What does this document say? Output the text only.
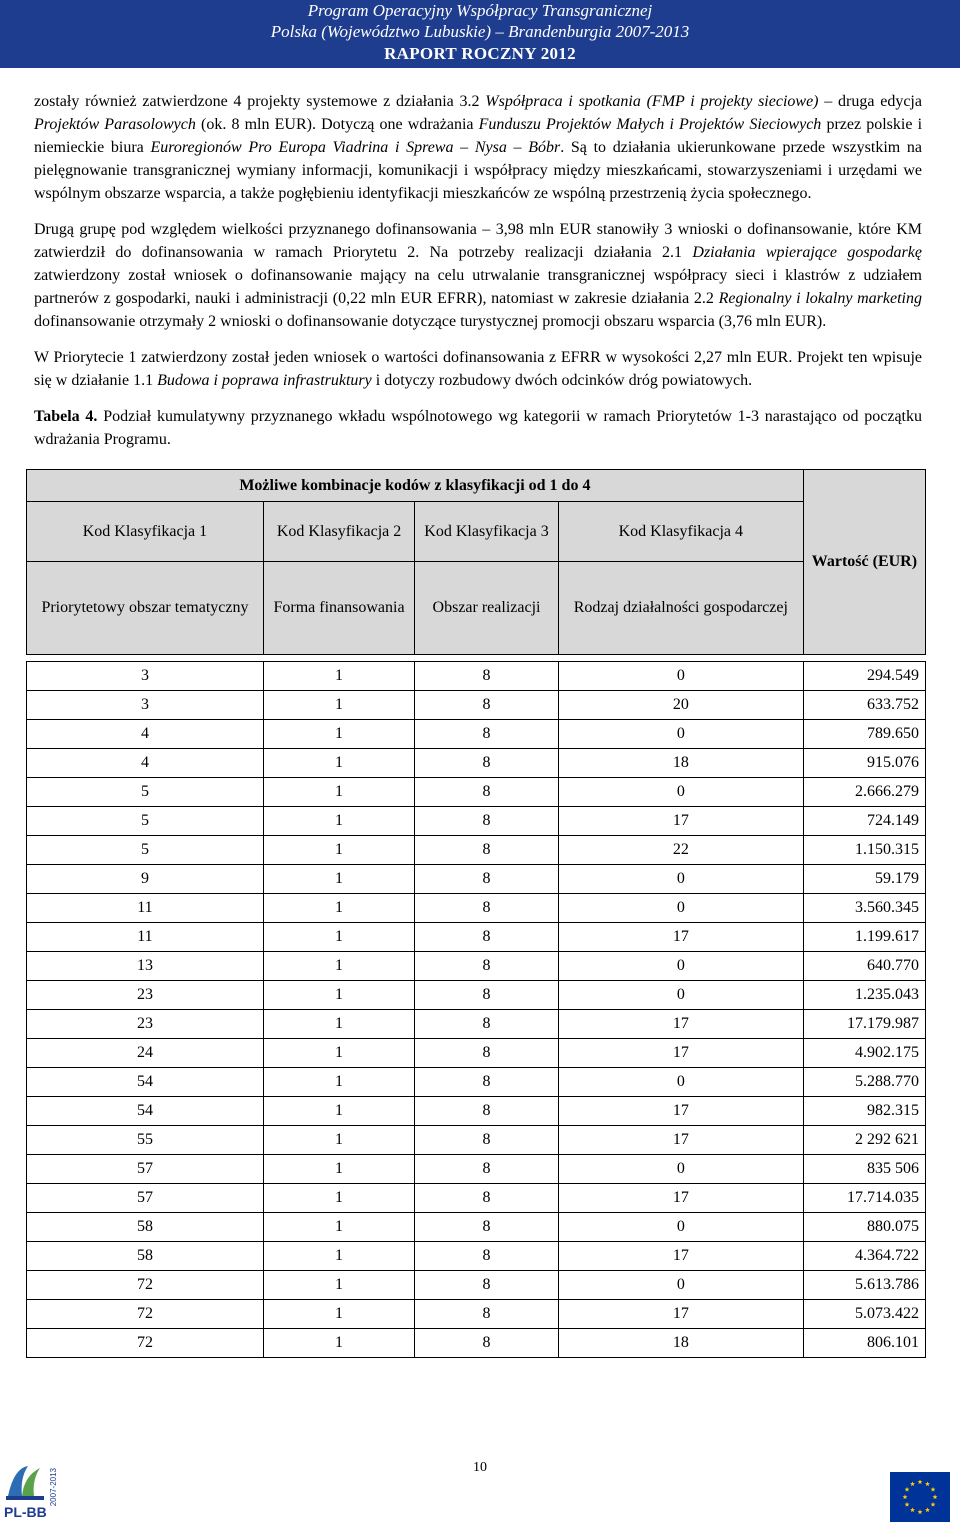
Program Operacyjny Współpracy Transgranicznej
Polska (Województwo Lubuskie) – Brandenburgia 2007-2013
RAPORT ROCZNY 2012

zostały również zatwierdzone 4 projekty systemowe z działania 3.2 Współpraca i spotkania (FMP i projekty sieciowe) – druga edycja Projektów Parasolowych (ok. 8 mln EUR). Dotyczą one wdrażania Funduszu Projektów Małych i Projektów Sieciowych przez polskie i niemieckie biura Euroregionów Pro Europa Viadrina i Sprewa – Nysa – Bóbr. Są to działania ukierunkowane przede wszystkim na pielęgnowanie transgranicznej wymiany informacji, komunikacji i współpracy między mieszkańcami, stowarzyszeniami i urzędami we wspólnym obszarze wsparcia, a także pogłębieniu identyfikacji mieszkańców ze wspólną przestrzenią życia społecznego.

Drugą grupę pod względem wielkości przyznanego dofinansowania – 3,98 mln EUR stanowiły 3 wnioski o dofinansowanie, które KM zatwierdził do dofinansowania w ramach Priorytetu 2. Na potrzeby realizacji działania 2.1 Działania wpierające gospodarkę zatwierdzony został wniosek o dofinansowanie mający na celu utrwalanie transgranicznej współpracy sieci i klastrów z udziałem partnerów z gospodarki, nauki i administracji (0,22 mln EUR EFRR), natomiast w zakresie działania 2.2 Regionalny i lokalny marketing dofinansowanie otrzymały 2 wnioski o dofinansowanie dotyczące turystycznej promocji obszaru wsparcia (3,76 mln EUR).

W Priorytecie 1 zatwierdzony został jeden wniosek o wartości dofinansowania z EFRR w wysokości 2,27 mln EUR. Projekt ten wpisuje się w działanie 1.1 Budowa i poprawa infrastruktury i dotyczy rozbudowy dwóch odcinków dróg powiatowych.

Tabela 4. Podział kumulatywny przyznanego wkładu wspólnotowego wg kategorii w ramach Priorytetów 1-3 narastająco od początku wdrażania Programu.

Możliwe kombinacje kodów z klasyfikacji od 1 do 4				Wartość (EUR)
Kod Klasyfikacja 1	Kod Klasyfikacja 2	Kod Klasyfikacja 3	Kod Klasyfikacja 4	
Priorytetowy obszar tematyczny	Forma finansowania	Obszar realizacji	Rodzaj działalności gospodarczej	

3	1	8	0	294.549
3	1	8	20	633.752
4	1	8	0	789.650
4	1	8	18	915.076
5	1	8	0	2.666.279
5	1	8	17	724.149
5	1	8	22	1.150.315
9	1	8	0	59.179
11	1	8	0	3.560.345
11	1	8	17	1.199.617
13	1	8	0	640.770
23	1	8	0	1.235.043
23	1	8	17	17.179.987
24	1	8	17	4.902.175
54	1	8	0	5.288.770
54	1	8	17	982.315
55	1	8	17	2 292 621
57	1	8	0	835 506
57	1	8	17	17.714.035
58	1	8	0	880.075
58	1	8	17	4.364.722
72	1	8	0	5.613.786
72	1	8	17	5.073.422
72	1	8	18	806.101
2007-2013
PL-BB
10
